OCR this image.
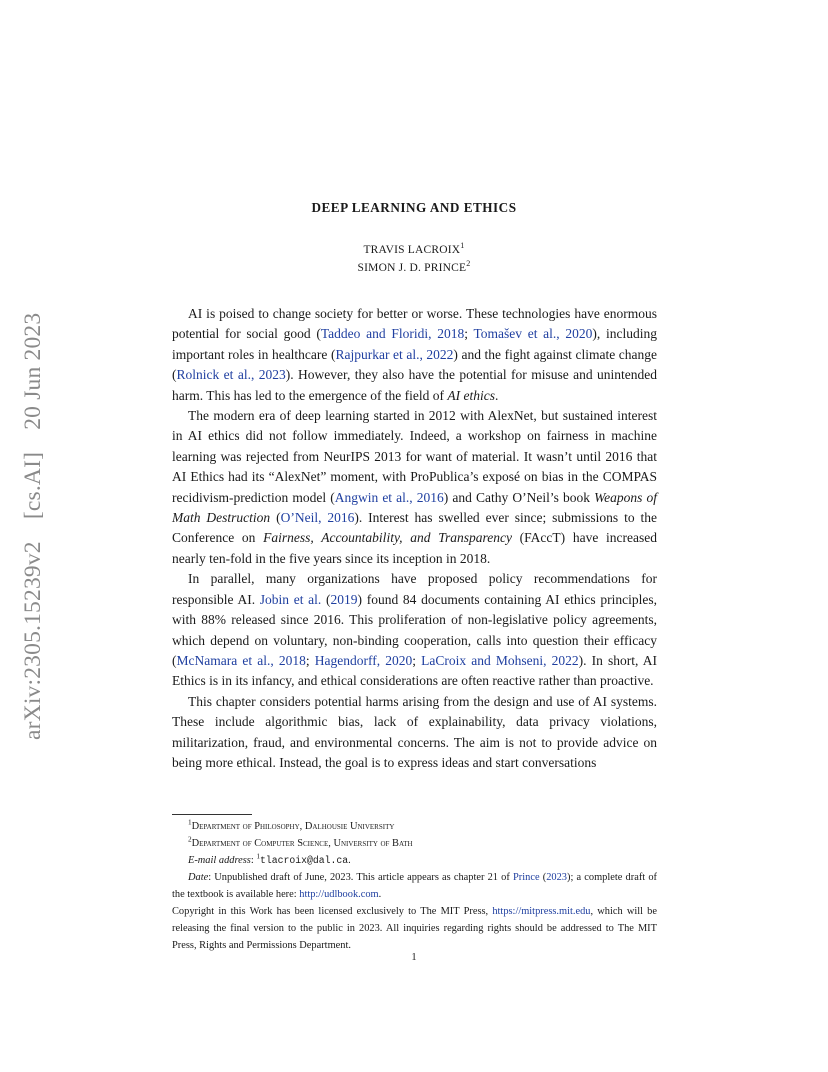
arXiv:2305.15239v2 [cs.AI] 20 Jun 2023
DEEP LEARNING AND ETHICS
TRAVIS LACROIX$^1$
SIMON J. D. PRINCE$^2$

AI is poised to change society for better or worse. These technologies have enormous potential for social good (Taddeo and Floridi, 2018; Tomašev et al., 2020), including important roles in healthcare (Rajpurkar et al., 2022) and the fight against climate change (Rolnick et al., 2023). However, they also have the potential for misuse and unintended harm. This has led to the emergence of the field of AI ethics.

The modern era of deep learning started in 2012 with AlexNet, but sustained interest in AI ethics did not follow immediately. Indeed, a workshop on fairness in machine learning was rejected from NeurIPS 2013 for want of material. It wasn’t until 2016 that AI Ethics had its “AlexNet” moment, with ProPublica’s exposé on bias in the COMPAS recidivism-prediction model (Angwin et al., 2016) and Cathy O’Neil’s book Weapons of Math Destruction (O’Neil, 2016). Interest has swelled ever since; submissions to the Conference on Fairness, Accountability, and Transparency (FAccT) have increased nearly ten-fold in the five years since its inception in 2018.

In parallel, many organizations have proposed policy recommendations for responsible AI. Jobin et al. (2019) found 84 documents containing AI ethics principles, with 88% released since 2016. This proliferation of non-legislative policy agreements, which depend on voluntary, non-binding cooperation, calls into question their efficacy (McNamara et al., 2018; Hagendorff, 2020; LaCroix and Mohseni, 2022). In short, AI Ethics is in its infancy, and ethical considerations are often reactive rather than proactive.

This chapter considers potential harms arising from the design and use of AI systems. These include algorithmic bias, lack of explainability, data privacy violations, militarization, fraud, and environmental concerns. The aim is not to provide advice on being more ethical. Instead, the goal is to express ideas and start conversations

$^1$Department of Philosophy, Dalhousie University
$^2$Department of Computer Science, University of Bath
E-mail address: $^1$tlacroix@dal.ca.
Date: Unpublished draft of June, 2023. This article appears as chapter 21 of Prince (2023); a complete draft of the textbook is available here: http://udlbook.com.
Copyright in this Work has been licensed exclusively to The MIT Press, https://mitpress.mit.edu, which will be releasing the final version to the public in 2023. All inquiries regarding rights should be addressed to The MIT Press, Rights and Permissions Department.
1
